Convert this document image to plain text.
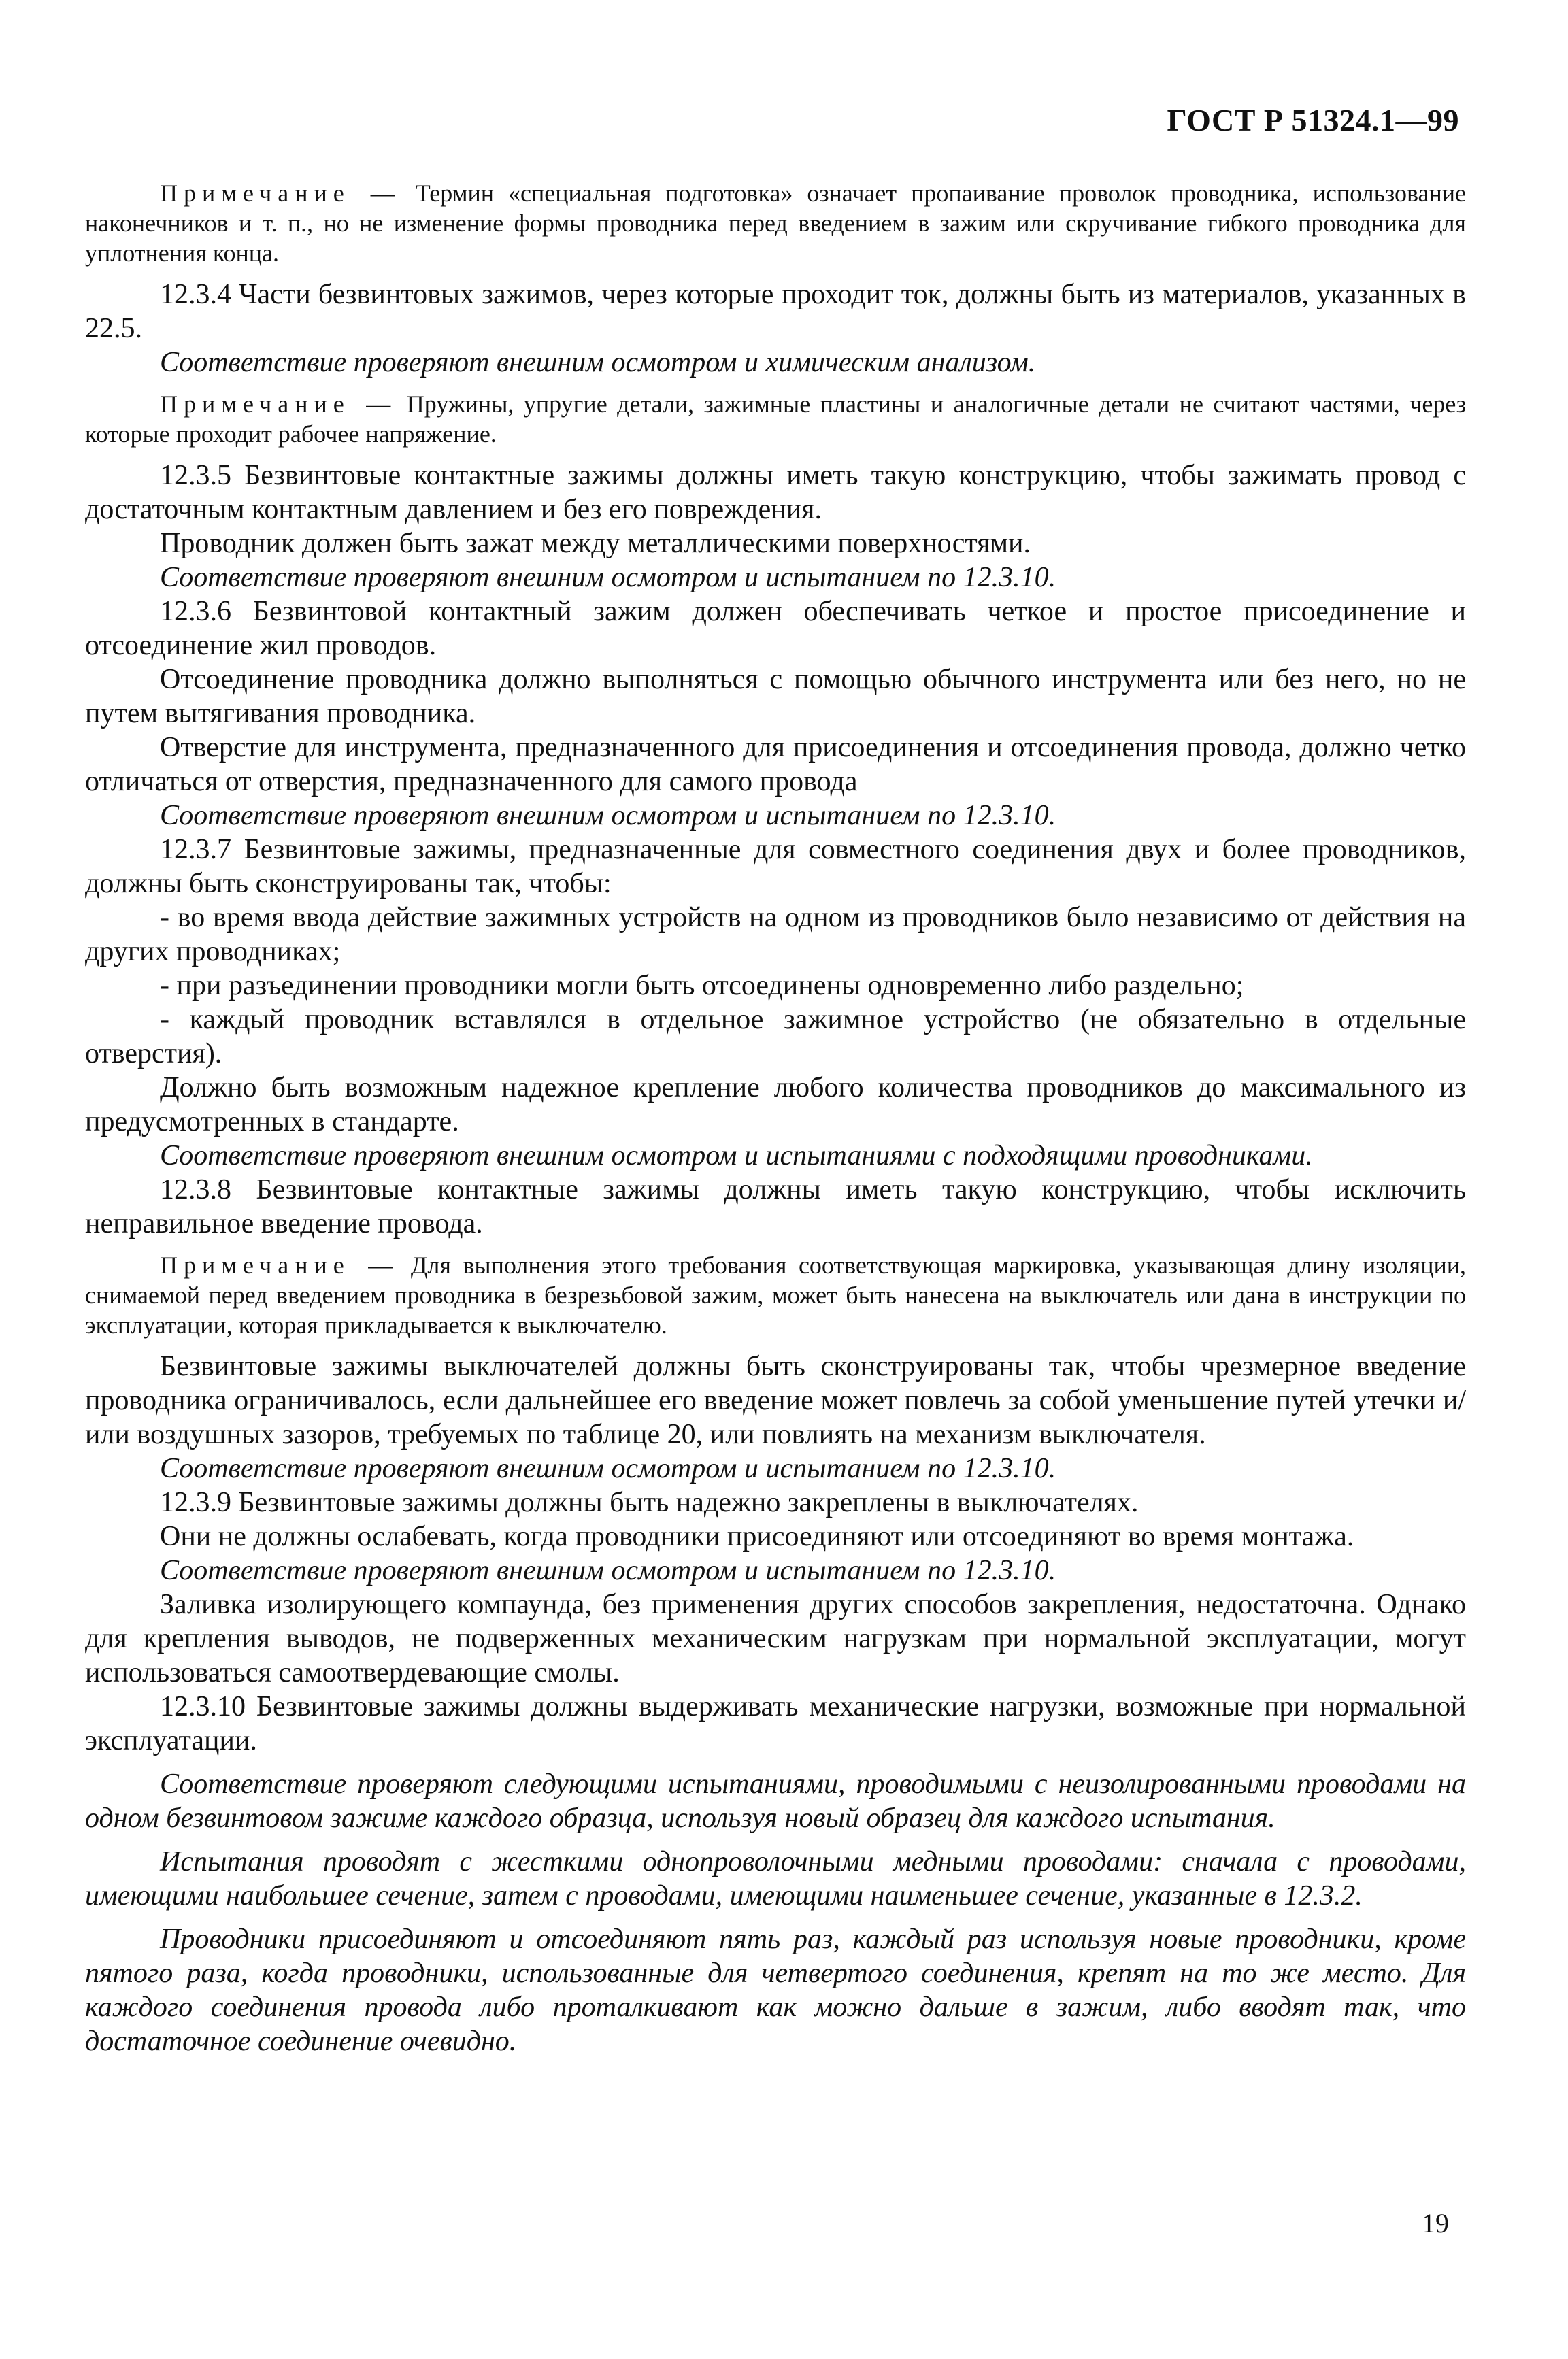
ГОСТ Р 51324.1—99

Примечание — Термин «специальная подготовка» означает пропаивание проволок проводника, использование наконечников и т. п., но не изменение формы проводника перед введением в зажим или скручивание гибкого проводника для уплотнения конца.

12.3.4 Части безвинтовых зажимов, через которые проходит ток, должны быть из материалов, указанных в 22.5.

Соответствие проверяют внешним осмотром и химическим анализом.

Примечание — Пружины, упругие детали, зажимные пластины и аналогичные детали не считают частями, через которые проходит рабочее напряжение.

12.3.5 Безвинтовые контактные зажимы должны иметь такую конструкцию, чтобы зажимать провод с достаточным контактным давлением и без его повреждения.

Проводник должен быть зажат между металлическими поверхностями.

Соответствие проверяют внешним осмотром и испытанием по 12.3.10.

12.3.6 Безвинтовой контактный зажим должен обеспечивать четкое и простое присоединение и отсоединение жил проводов.

Отсоединение проводника должно выполняться с помощью обычного инструмента или без него, но не путем вытягивания проводника.

Отверстие для инструмента, предназначенного для присоединения и отсоединения провода, должно четко отличаться от отверстия, предназначенного для самого провода

Соответствие проверяют внешним осмотром и испытанием по 12.3.10.

12.3.7 Безвинтовые зажимы, предназначенные для совместного соединения двух и более проводников, должны быть сконструированы так, чтобы:

- во время ввода действие зажимных устройств на одном из проводников было независимо от действия на других проводниках;

- при разъединении проводники могли быть отсоединены одновременно либо раздельно;

- каждый проводник вставлялся в отдельное зажимное устройство (не обязательно в отдельные отверстия).

Должно быть возможным надежное крепление любого количества проводников до максимального из предусмотренных в стандарте.

Соответствие проверяют внешним осмотром и испытаниями с подходящими проводниками.

12.3.8 Безвинтовые контактные зажимы должны иметь такую конструкцию, чтобы исключить неправильное введение провода.

Примечание — Для выполнения этого требования соответствующая маркировка, указывающая длину изоляции, снимаемой перед введением проводника в безрезьбовой зажим, может быть нанесена на выключатель или дана в инструкции по эксплуатации, которая прикладывается к выключателю.

Безвинтовые зажимы выключателей должны быть сконструированы так, чтобы чрезмерное введение проводника ограничивалось, если дальнейшее его введение может повлечь за собой уменьшение путей утечки и/или воздушных зазоров, требуемых по таблице 20, или повлиять на механизм выключателя.

Соответствие проверяют внешним осмотром и испытанием по 12.3.10.

12.3.9 Безвинтовые зажимы должны быть надежно закреплены в выключателях.

Они не должны ослабевать, когда проводники присоединяют или отсоединяют во время монтажа.

Соответствие проверяют внешним осмотром и испытанием по 12.3.10.

Заливка изолирующего компаунда, без применения других способов закрепления, недостаточна. Однако для крепления выводов, не подверженных механическим нагрузкам при нормальной эксплуатации, могут использоваться самоотвердевающие смолы.

12.3.10 Безвинтовые зажимы должны выдерживать механические нагрузки, возможные при нормальной эксплуатации.

Соответствие проверяют следующими испытаниями, проводимыми с неизолированными проводами на одном безвинтовом зажиме каждого образца, используя новый образец для каждого испытания.

Испытания проводят с жесткими однопроволочными медными проводами: сначала с проводами, имеющими наибольшее сечение, затем с проводами, имеющими наименьшее сечение, указанные в 12.3.2.

Проводники присоединяют и отсоединяют пять раз, каждый раз используя новые проводники, кроме пятого раза, когда проводники, использованные для четвертого соединения, крепят на то же место. Для каждого соединения провода либо проталкивают как можно дальше в зажим, либо вводят так, что достаточное соединение очевидно.

19
